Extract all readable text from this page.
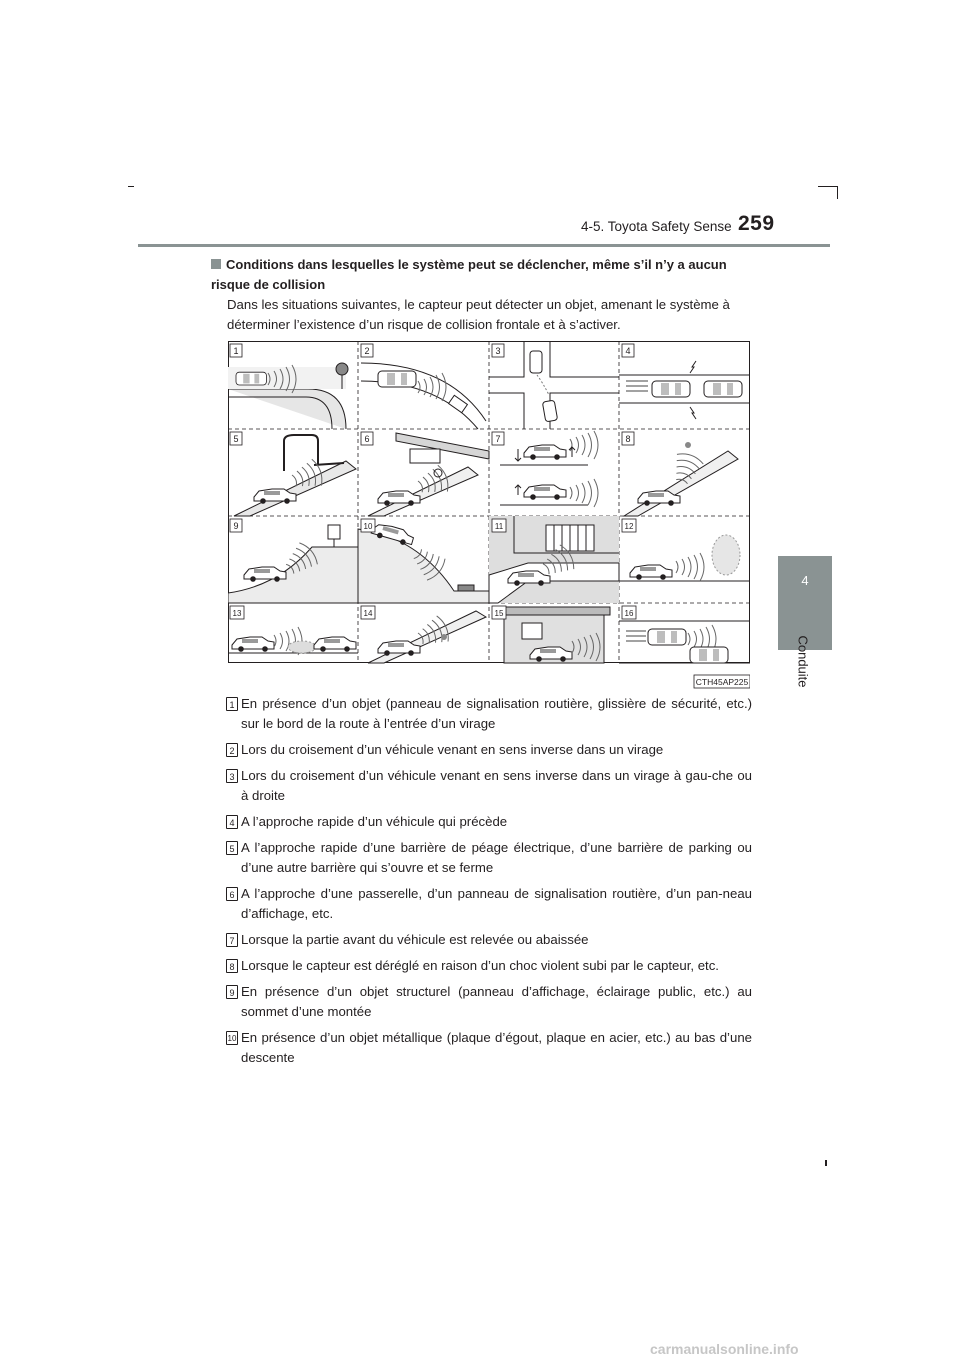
4-5. Toyota Safety Sense 259
4
Conduite
Conditions dans lesquelles le système peut se déclencher, même s’il n’y a aucun risque de collision
Dans les situations suivantes, le capteur peut détecter un objet, amenant le système à déterminer l’existence d’un risque de collision frontale et à s’activer.
CTH45AP225
1	2	3	4
5	6	7	8
9	10	11	12
13	14	15	16
1 En présence d’un objet (panneau de signalisation routière, glissière de sécurité, etc.) sur le bord de la route à l’entrée d’un virage
2 Lors du croisement d’un véhicule venant en sens inverse dans un virage
3 Lors du croisement d’un véhicule venant en sens inverse dans un virage à gau-che ou à droite
4 A l’approche rapide d’un véhicule qui précède
5 A l’approche rapide d’une barrière de péage électrique, d’une barrière de parking ou d’une autre barrière qui s’ouvre et se ferme
6 A l’approche d’une passerelle, d’un panneau de signalisation routière, d’un pan-neau d’affichage, etc.
7 Lorsque la partie avant du véhicule est relevée ou abaissée
8 Lorsque le capteur est déréglé en raison d’un choc violent subi par le capteur, etc.
9 En présence d’un objet structurel (panneau d’affichage, éclairage public, etc.) au sommet d’une montée
10 En présence d’un objet métallique (plaque d’égout, plaque en acier, etc.) au bas d’une descente
carmanualsonline.info
